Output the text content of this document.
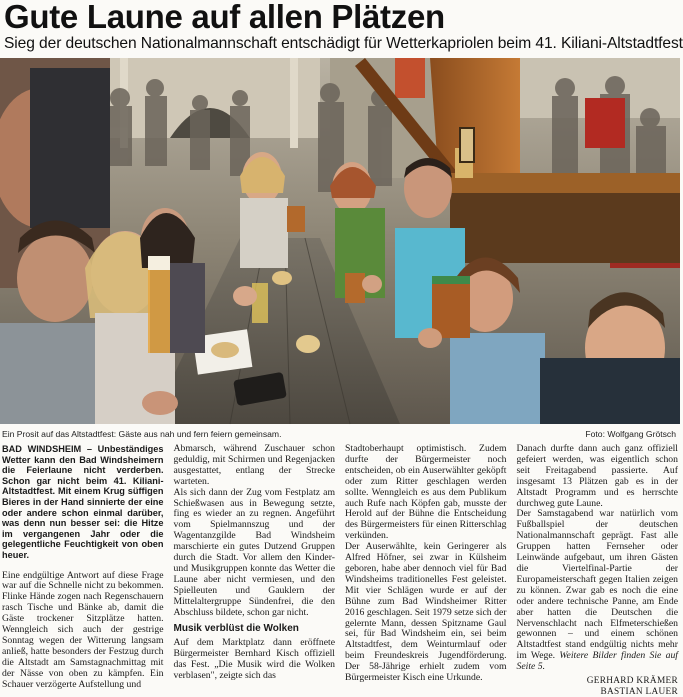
Gute Laune auf allen Plätzen

Sieg der deutschen Nationalmannschaft entschädigt für Wetterkapriolen beim 41. Kiliani-Altstadtfest

Ein Prosit auf das Altstadtfest: Gäste aus nah und fern feiern gemeinsam.	Foto: Wolfgang Grötsch

BAD WINDSHEIM – Unbeständiges Wetter kann den Bad Windsheimern die Feierlaune nicht verderben. Schon gar nicht beim 41. Kiliani-Altstadtfest. Mit einem Krug süffigen Bieres in der Hand sinnierte der eine oder andere schon einmal darüber, was denn nun besser sei: die Hitze im vergangenen Jahr oder die gelegentliche Feuchtigkeit von oben heuer.

Eine endgültige Antwort auf diese Frage war auf die Schnelle nicht zu bekommen. Flinke Hände zogen nach Regenschauern rasch Tische und Bänke ab, damit die Gäste trockener Sitzplätze hatten. Wenngleich sich auch der gestrige Sonntag wegen der Witterung langsam anließ, hatte besonders der Festzug durch die Altstadt am Samstagnachmittag mit der Nässe von oben zu kämpfen. Ein Schauer verzögerte Aufstellung und

Abmarsch, während Zuschauer schon geduldig, mit Schirmen und Regenjacken ausgestattet, entlang der Strecke warteten.

Als sich dann der Zug vom Festplatz am Schießwasen aus in Bewegung setzte, fing es wieder an zu regnen. Angeführt vom Spielmannszug und der Wagentanzgilde Bad Windsheim marschierte ein gutes Dutzend Gruppen durch die Stadt. Vor allem den Kinder- und Musikgruppen konnte das Wetter die Laune aber nicht vermiesen, und den Spielleuten und Gauklern der Mittelaltergruppe Sündenfrei, die den Abschluss bildete, schon gar nicht.

Musik verblüst die Wolken

Auf dem Marktplatz dann eröffnete Bürgermeister Bernhard Kisch offiziell das Fest. „Die Musik wird die Wolken verblasen", zeigte sich das

Stadtoberhaupt optimistisch. Zudem durfte der Bürgermeister noch entscheiden, ob ein Auserwählter geköpft oder zum Ritter geschlagen werden sollte. Wenngleich es aus dem Publikum auch Rufe nach Köpfen gab, musste der Herold auf der Bühne die Entscheidung des Bürgermeisters für einen Ritterschlag verkünden.

Der Auserwählte, kein Geringerer als Alfred Höfner, sei zwar in Külsheim geboren, habe aber dennoch viel für Bad Windsheims traditionelles Fest geleistet. Mit vier Schlägen wurde er auf der Bühne zum Bad Windsheimer Ritter 2016 geschlagen. Seit 1979 setze sich der gelernte Mann, dessen Spitzname Gaul sei, für Bad Windsheim ein, sei beim Altstadtfest, dem Weinturmlauf oder beim Freundeskreis Jugendförderung. Der 58-Jährige erhielt zudem vom Bürgermeister Kisch eine Urkunde.

Danach durfte dann auch ganz offiziell gefeiert werden, was eigentlich schon seit Freitagabend passierte. Auf insgesamt 13 Plätzen gab es in der Altstadt Programm und es herrschte durchweg gute Laune.

Der Samstagabend war natürlich vom Fußballspiel der deutschen Nationalmannschaft geprägt. Fast alle Gruppen hatten Fernseher oder Leinwände aufgebaut, um ihren Gästen die Viertelfinal-Partie der Europameisterschaft gegen Italien zeigen zu können. Zwar gab es noch die eine oder andere technische Panne, am Ende aber hatten die Deutschen die Nervenschlacht nach Elfmeterschießen gewonnen – und einem schönen Altstadtfest stand endgültig nichts mehr im Wege. Weitere Bilder finden Sie auf Seite 5.

GERHARD KRÄMER
BASTIAN LAUER
